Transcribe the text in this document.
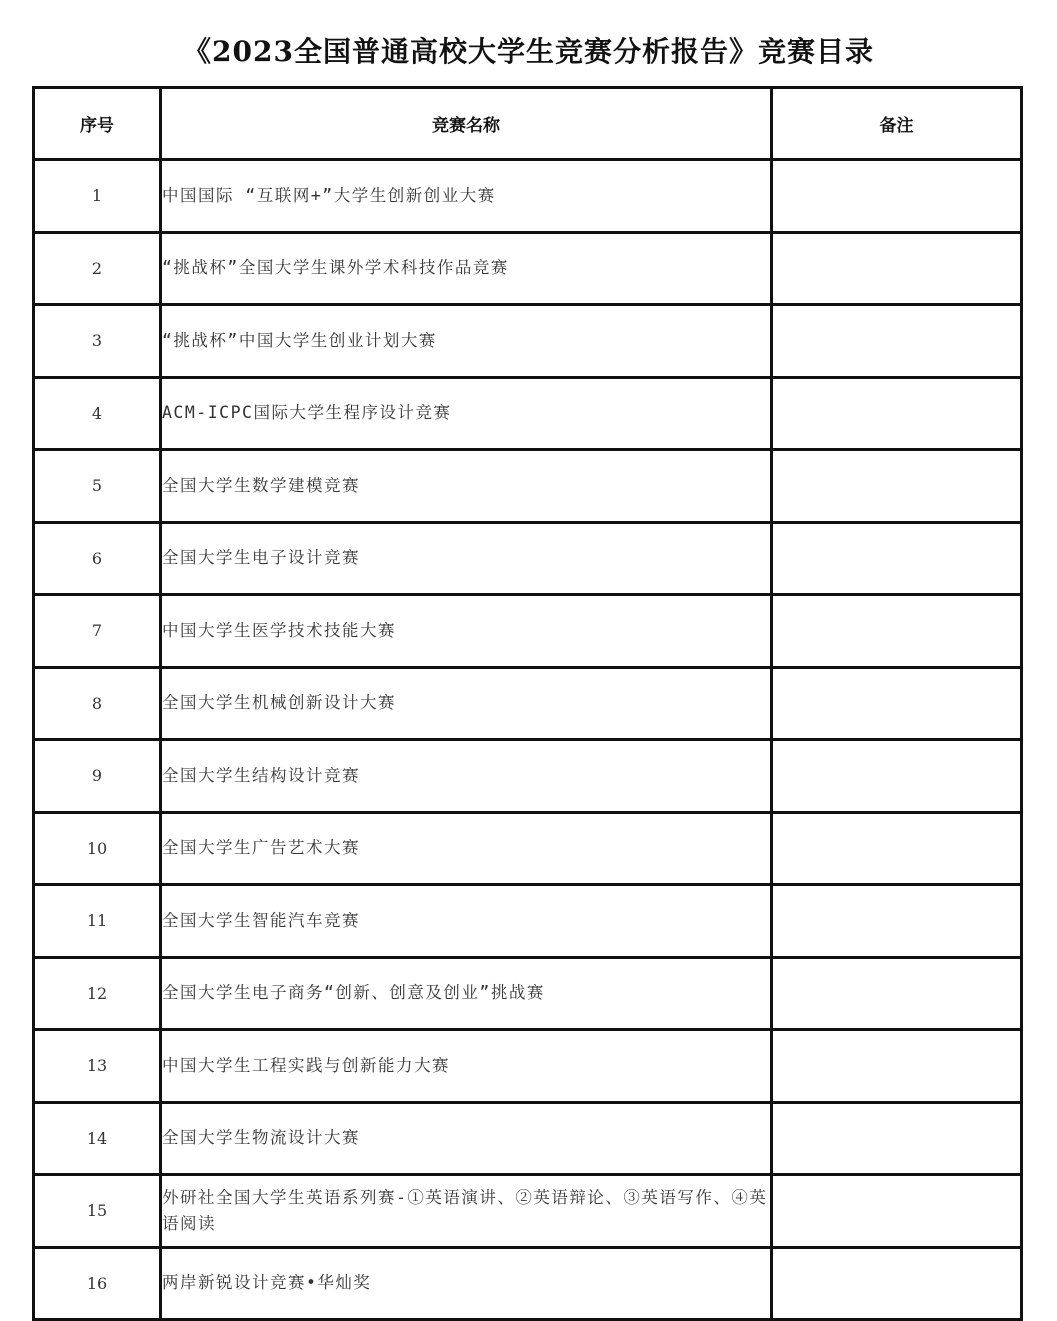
《2023全国普通高校大学生竞赛分析报告》竞赛目录
序号	竞赛名称	备注
1	中国国际 “互联网+”大学生创新创业大赛	
2	“挑战杯”全国大学生课外学术科技作品竞赛	
3	“挑战杯”中国大学生创业计划大赛	
4	ACM-ICPC国际大学生程序设计竞赛	
5	全国大学生数学建模竞赛	
6	全国大学生电子设计竞赛	
7	中国大学生医学技术技能大赛	
8	全国大学生机械创新设计大赛	
9	全国大学生结构设计竞赛	
10	全国大学生广告艺术大赛	
11	全国大学生智能汽车竞赛	
12	全国大学生电子商务“创新、创意及创业”挑战赛	
13	中国大学生工程实践与创新能力大赛	
14	全国大学生物流设计大赛	
15	外研社全国大学生英语系列赛-①英语演讲、②英语辩论、③英语写作、④英语阅读	
16	两岸新锐设计竞赛•华灿奖	
